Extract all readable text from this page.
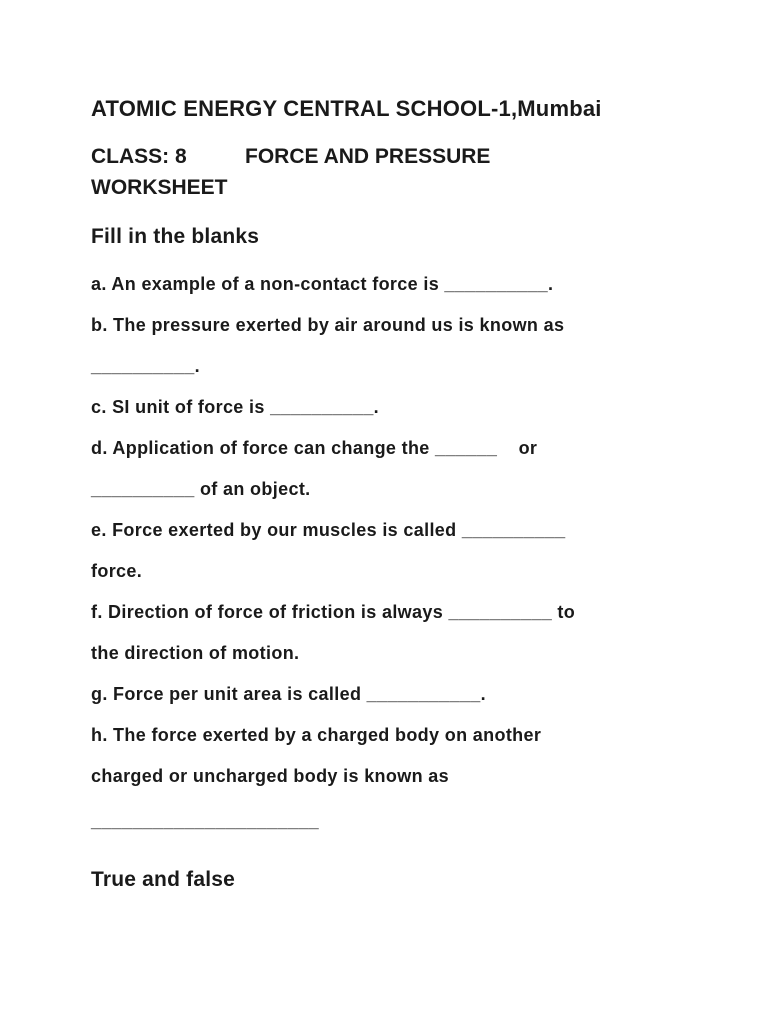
ATOMIC ENERGY CENTRAL SCHOOL-1,Mumbai
CLASS: 8          FORCE AND PRESSURE
WORKSHEET
Fill in the blanks
a. An example of a non-contact force is __________.
b. The pressure exerted by air around us is known as
__________.
c. SI unit of force is __________.
d. Application of force can change the ______    or
__________ of an object.
e. Force exerted by our muscles is called __________
force.
f. Direction of force of friction is always __________ to
the direction of motion.
g. Force per unit area is called ___________.
h. The force exerted by a charged body on another
charged or uncharged body is known as
______________________
True and false
